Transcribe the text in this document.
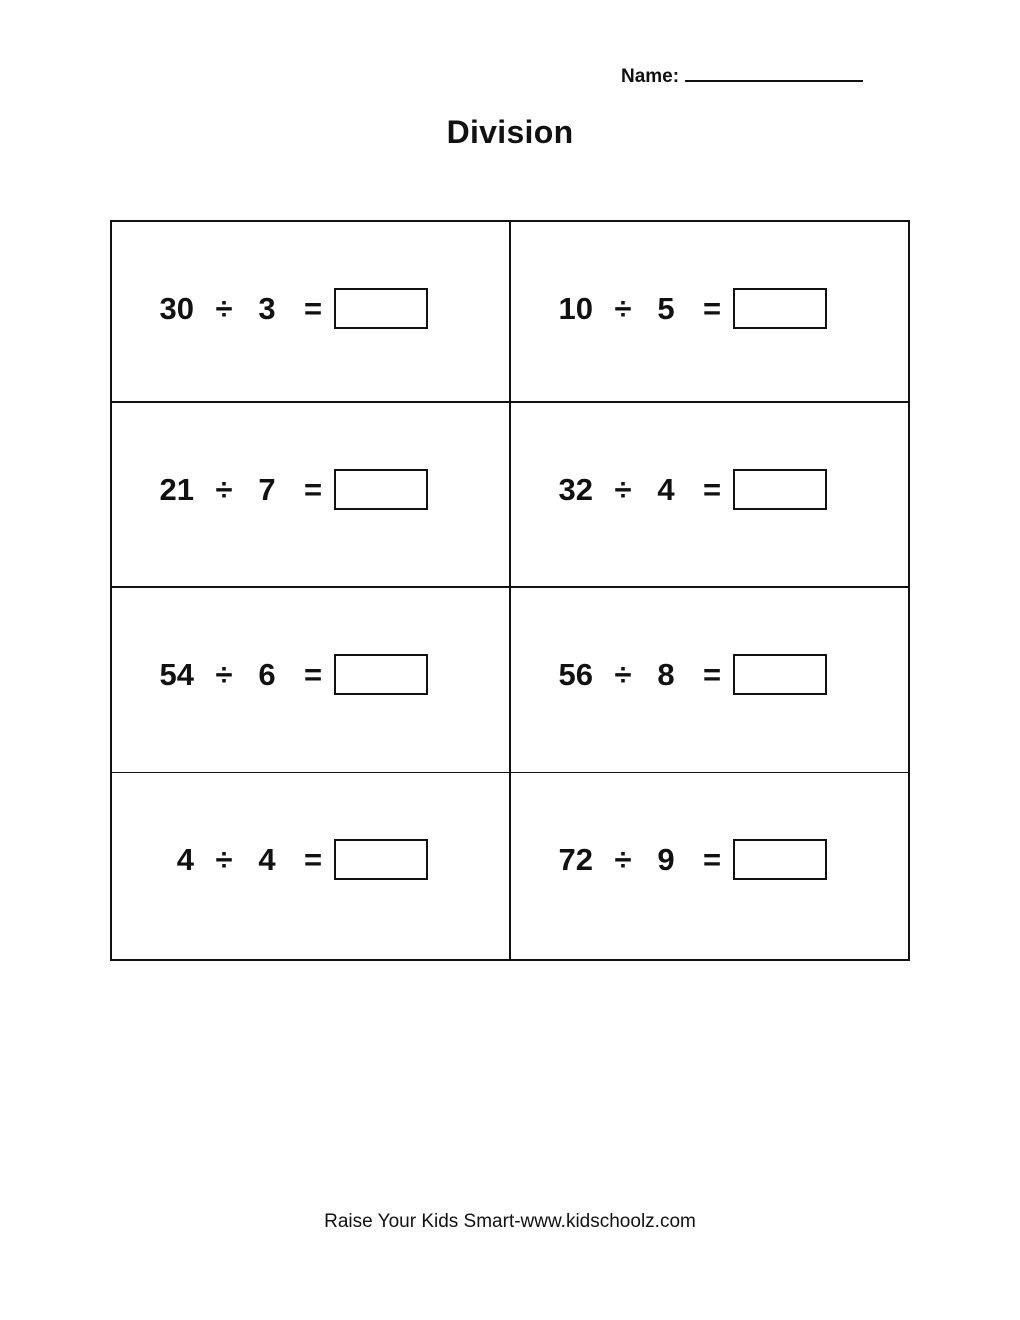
Name:
Division
30 ÷ 3 =	10 ÷ 5 =
21 ÷ 7 =	32 ÷ 4 =
54 ÷ 6 =	56 ÷ 8 =
4 ÷ 4 =	72 ÷ 9 =
Raise Your Kids Smart-www.kidschoolz.com
